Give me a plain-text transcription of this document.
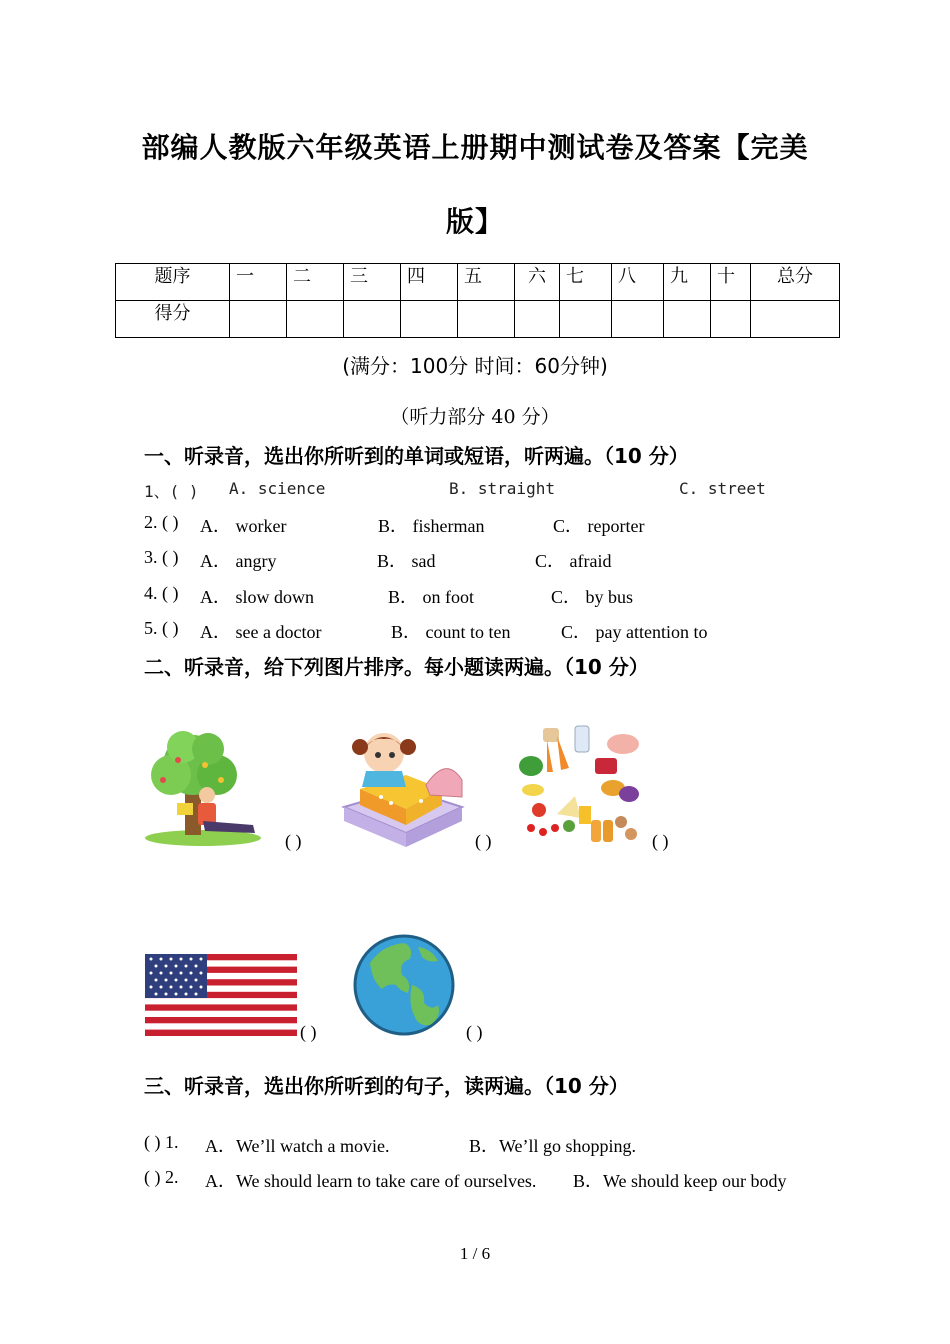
部编人教版六年级英语上册期中测试卷及答案【完美
版】
题序	一	二	三	四	五	六	七	八	九	十	总分
得分											
(满分：100分 时间：60分钟)
（听力部分 40 分）
一、听录音，选出你所听到的单词或短语，听两遍。（10 分）
1、( ) A. science	B. straight	C. street
2. ( ) A． worker	B． fisherman	C． reporter
3. ( ) A． angry	B． sad	C． afraid
4. ( ) A． slow down	B． on foot	C． by bus
5. ( ) A． see a doctor	B． count to ten	C． pay attention to
二、听录音，给下列图片排序。每小题读两遍。（10 分）
( )	( )	( )
( )	( )
三、听录音，选出你所听到的句子，读两遍。（10 分）
( ) 1. A．We’ll watch a movie.	B．We’ll go shopping.
( ) 2. A．We should learn to take care of ourselves. B．We should keep our body
1 / 6
